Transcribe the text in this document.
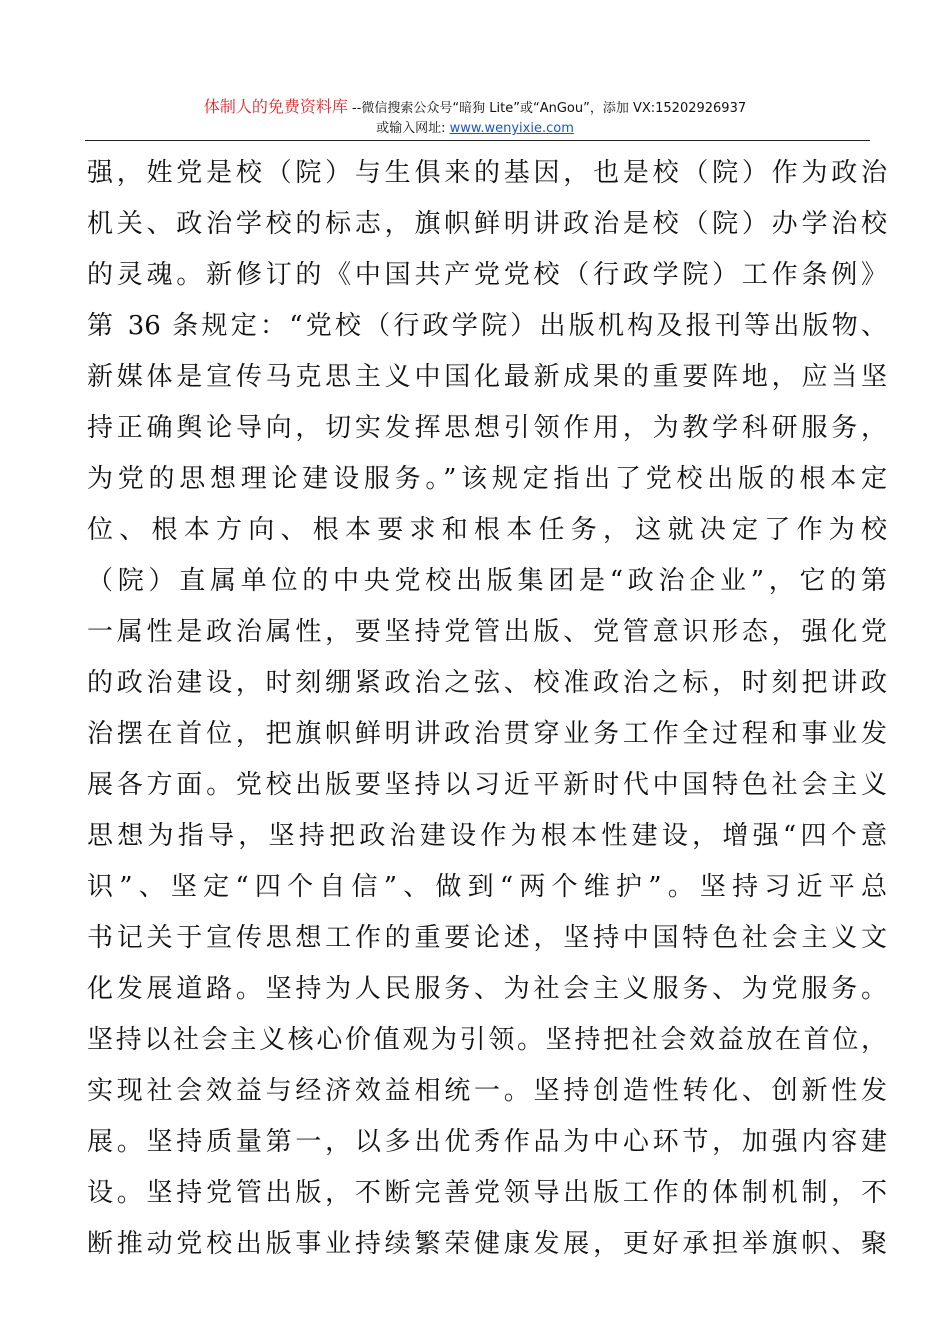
体制人的免费资料库 --微信搜索公众号“暗狗 Lite”或“AnGou”，添加 VX:15202926937
或输入网址: www.wenyixie.com
强，姓党是校（院）与生俱来的基因，也是校（院）作为政治
机关、政治学校的标志，旗帜鲜明讲政治是校（院）办学治校
的灵魂。新修订的《中国共产党党校（行政学院）工作条例》
第 36 条规定：“党校（行政学院）出版机构及报刊等出版物、
新媒体是宣传马克思主义中国化最新成果的重要阵地，应当坚
持正确舆论导向，切实发挥思想引领作用，为教学科研服务，
为党的思想理论建设服务。”该规定指出了党校出版的根本定
位、根本方向、根本要求和根本任务，这就决定了作为校
（院）直属单位的中央党校出版集团是“政治企业”，它的第
一属性是政治属性，要坚持党管出版、党管意识形态，强化党
的政治建设，时刻绷紧政治之弦、校准政治之标，时刻把讲政
治摆在首位，把旗帜鲜明讲政治贯穿业务工作全过程和事业发
展各方面。党校出版要坚持以习近平新时代中国特色社会主义
思想为指导，坚持把政治建设作为根本性建设，增强“四个意
识”、坚定“四个自信”、做到“两个维护”。坚持习近平总
书记关于宣传思想工作的重要论述，坚持中国特色社会主义文
化发展道路。坚持为人民服务、为社会主义服务、为党服务。
坚持以社会主义核心价值观为引领。坚持把社会效益放在首位，
实现社会效益与经济效益相统一。坚持创造性转化、创新性发
展。坚持质量第一，以多出优秀作品为中心环节，加强内容建
设。坚持党管出版，不断完善党领导出版工作的体制机制，不
断推动党校出版事业持续繁荣健康发展，更好承担举旗帜、聚
